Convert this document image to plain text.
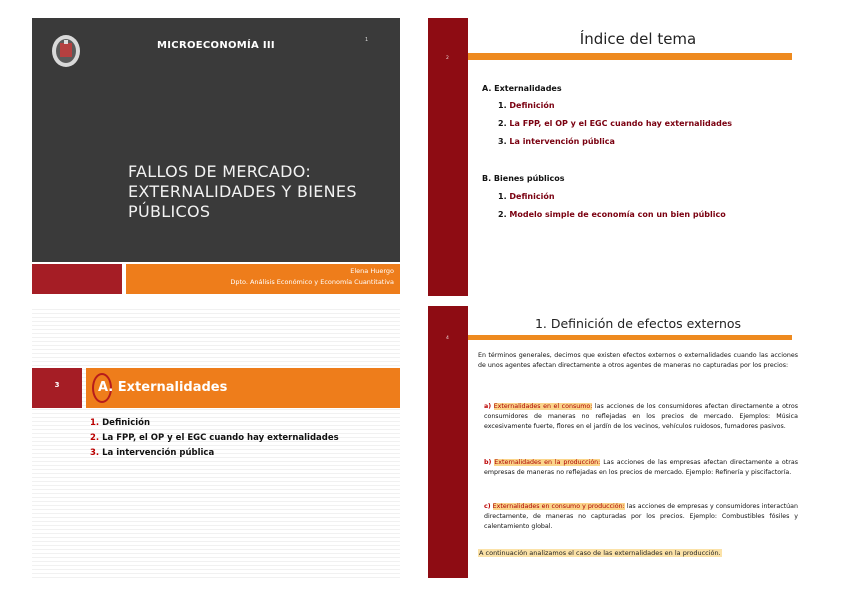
MICROECONOMÍA III	1
FALLOS DE MERCADO:
EXTERNALIDADES Y BIENES
PÚBLICOS
Elena Huergo
Dpto. Análisis Económico y Economía Cuantitativa
2
Índice del tema
A. Externalidades
1. Definición
2. La FPP, el OP y el EGC cuando hay externalidades
3. La intervención pública
B. Bienes públicos
1. Definición
2. Modelo simple de economía con un bien público
3	A. Externalidades
1. Definición
2. La FPP, el OP y el EGC cuando hay externalidades
3. La intervención pública
4
1. Definición de efectos externos
En términos generales, decimos que existen efectos externos o externalidades cuando las acciones de unos agentes afectan directamente a otros agentes de maneras no capturadas por los precios:
a) Externalidades en el consumo: las acciones de los consumidores afectan directamente a otros consumidores de maneras no reflejadas en los precios de mercado. Ejemplos: Música excesivamente fuerte, flores en el jardín de los vecinos, vehículos ruidosos, fumadores pasivos.
b) Externalidades en la producción: Las acciones de las empresas afectan directamente a otras empresas de maneras no reflejadas en los precios de mercado. Ejemplo: Refinería y piscifactoría.
c) Externalidades en consumo y producción: las acciones de empresas y consumidores interactúan directamente, de maneras no capturadas por los precios. Ejemplo: Combustibles fósiles y calentamiento global.
A continuación analizamos el caso de las externalidades en la producción.
